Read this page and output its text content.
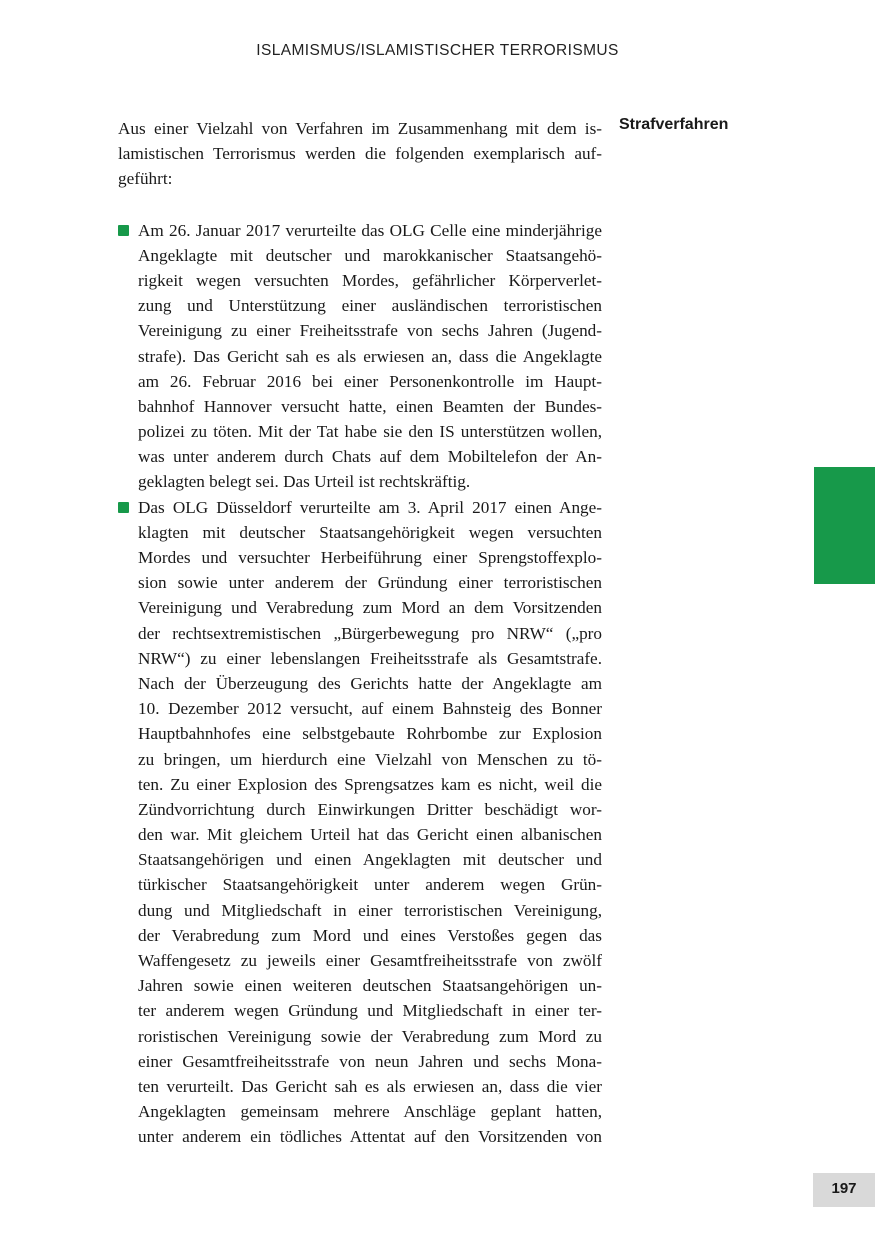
ISLAMISMUS/ISLAMISTISCHER TERRORISMUS
Strafverfahren
Aus einer Vielzahl von Verfahren im Zusammenhang mit dem is-
lamistischen Terrorismus werden die folgenden exemplarisch auf-
geführt:
Am 26. Januar 2017 verurteilte das OLG Celle eine minderjährige
Angeklagte mit deutscher und marokkanischer Staatsangehö-
rigkeit wegen versuchten Mordes, gefährlicher Körperverlet-
zung und Unterstützung einer ausländischen terroristischen
Vereinigung zu einer Freiheitsstrafe von sechs Jahren (Jugend-
strafe). Das Gericht sah es als erwiesen an, dass die Angeklagte
am 26. Februar 2016 bei einer Personenkontrolle im Haupt-
bahnhof Hannover versucht hatte, einen Beamten der Bundes-
polizei zu töten. Mit der Tat habe sie den IS unterstützen wollen,
was unter anderem durch Chats auf dem Mobiltelefon der An-
geklagten belegt sei. Das Urteil ist rechtskräftig.
Das OLG Düsseldorf verurteilte am 3. April 2017 einen Ange-
klagten mit deutscher Staatsangehörigkeit wegen versuchten
Mordes und versuchter Herbeiführung einer Sprengstoffexplo-
sion sowie unter anderem der Gründung einer terroristischen
Vereinigung und Verabredung zum Mord an dem Vorsitzenden
der rechtsextremistischen „Bürgerbewegung pro NRW“ („pro
NRW“) zu einer lebenslangen Freiheitsstrafe als Gesamtstrafe.
Nach der Überzeugung des Gerichts hatte der Angeklagte am
10. Dezember 2012 versucht, auf einem Bahnsteig des Bonner
Hauptbahnhofes eine selbstgebaute Rohrbombe zur Explosion
zu bringen, um hierdurch eine Vielzahl von Menschen zu tö-
ten. Zu einer Explosion des Sprengsatzes kam es nicht, weil die
Zündvorrichtung durch Einwirkungen Dritter beschädigt wor-
den war. Mit gleichem Urteil hat das Gericht einen albanischen
Staatsangehörigen und einen Angeklagten mit deutscher und
türkischer Staatsangehörigkeit unter anderem wegen Grün-
dung und Mitgliedschaft in einer terroristischen Vereinigung,
der Verabredung zum Mord und eines Verstoßes gegen das
Waffengesetz zu jeweils einer Gesamtfreiheitsstrafe von zwölf
Jahren sowie einen weiteren deutschen Staatsangehörigen un-
ter anderem wegen Gründung und Mitgliedschaft in einer ter-
roristischen Vereinigung sowie der Verabredung zum Mord zu
einer Gesamtfreiheitsstrafe von neun Jahren und sechs Mona-
ten verurteilt. Das Gericht sah es als erwiesen an, dass die vier
Angeklagten gemeinsam mehrere Anschläge geplant hatten,
unter anderem ein tödliches Attentat auf den Vorsitzenden von
197
